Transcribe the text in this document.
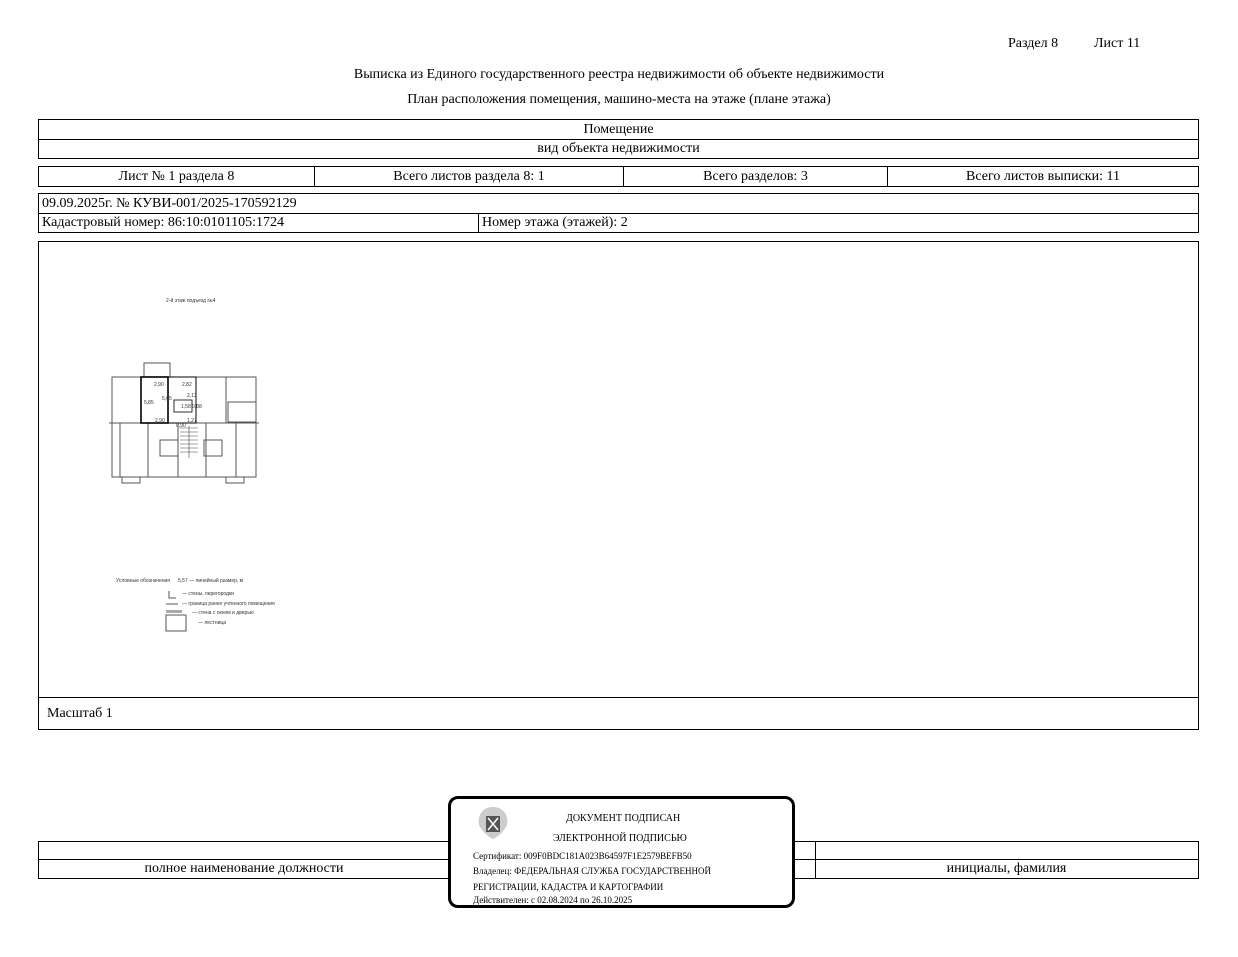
Раздел 8	Лист 11
Выписка из Единого государственного реестра недвижимости об объекте недвижимости
План расположения помещения, машино-места на этаже (плане этажа)
Помещение
вид объекта недвижимости
Лист № 1 раздела 8	Всего листов раздела 8: 1	Всего разделов: 3	Всего листов выписки: 11
09.09.2025г. № КУВИ-001/2025-170592129
Кадастровый номер: 86:10:0101105:1724	Номер этажа (этажей): 2
Масштаб 1
2-й этаж подъезд №4
5,85
5,05
2,90	2,82
2,13
1,58 0,88
2,90	1,27
0,90
Условные обозначения 5,57 — линейный размер, м
— стены, перегородки
— граница ранее учтенного помещения
— стена с окном и дверью
— лестница
полное наименование должности	инициалы, фамилия
ДОКУМЕНТ ПОДПИСАН
ЭЛЕКТРОННОЙ ПОДПИСЬЮ
Сертификат: 009F0BDC181A023B64597F1E2579BEFB50
Владелец: ФЕДЕРАЛЬНАЯ СЛУЖБА ГОСУДАРСТВЕННОЙ
РЕГИСТРАЦИИ, КАДАСТРА И КАРТОГРАФИИ
Действителен: с 02.08.2024 по 26.10.2025
